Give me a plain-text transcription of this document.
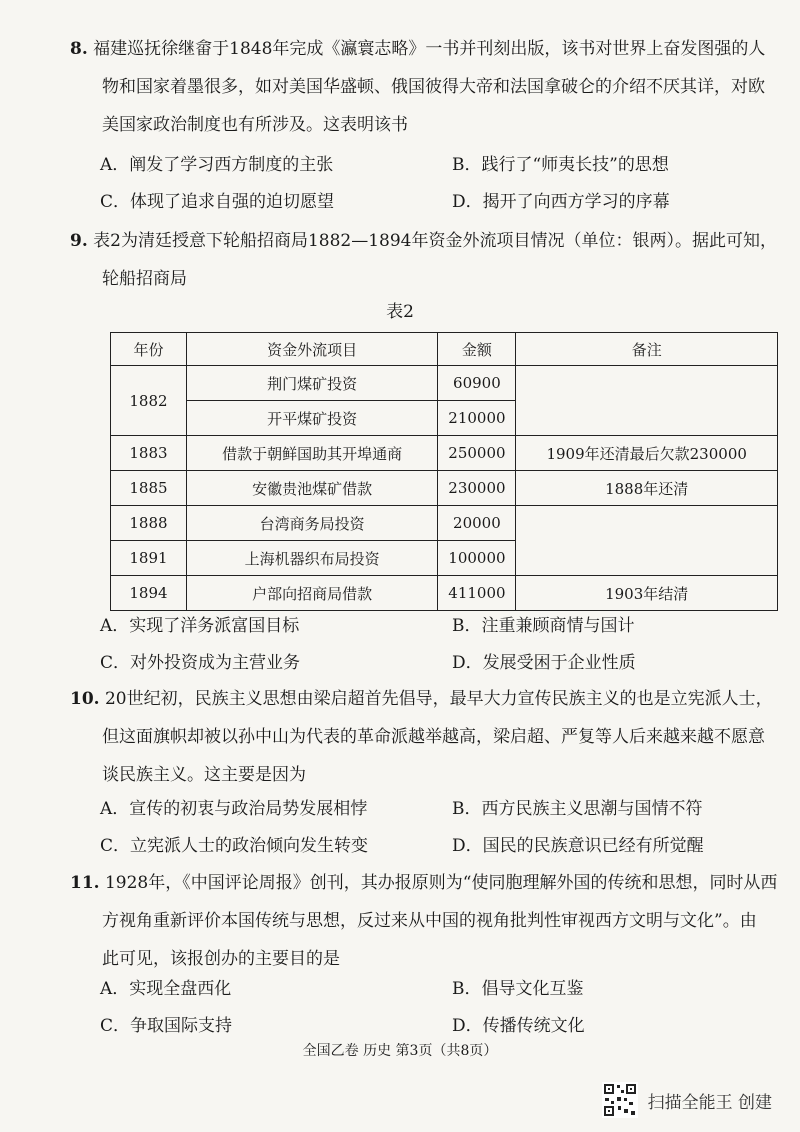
8. 福建巡抚徐继畲于1848年完成《瀛寰志略》一书并刊刻出版，该书对世界上奋发图强的人
物和国家着墨很多，如对美国华盛顿、俄国彼得大帝和法国拿破仑的介绍不厌其详，对欧
美国家政治制度也有所涉及。这表明该书
A．阐发了学习西方制度的主张	B．践行了“师夷长技”的思想
C．体现了追求自强的迫切愿望	D．揭开了向西方学习的序幕
9. 表2为清廷授意下轮船招商局1882—1894年资金外流项目情况（单位：银两）。据此可知，
轮船招商局
表2
年份	资金外流项目	金额	备注
1882	荆门煤矿投资	60900	
	开平煤矿投资	210000	
1883	借款于朝鲜国助其开埠通商	250000	1909年还清最后欠款230000
1885	安徽贵池煤矿借款	230000	1888年还清
1888	台湾商务局投资	20000	
1891	上海机器织布局投资	100000	
1894	户部向招商局借款	411000	1903年结清
A．实现了洋务派富国目标	B．注重兼顾商情与国计
C．对外投资成为主营业务	D．发展受困于企业性质
10. 20世纪初，民族主义思想由梁启超首先倡导，最早大力宣传民族主义的也是立宪派人士，
但这面旗帜却被以孙中山为代表的革命派越举越高，梁启超、严复等人后来越来越不愿意
谈民族主义。这主要是因为
A．宣传的初衷与政治局势发展相悖	B．西方民族主义思潮与国情不符
C．立宪派人士的政治倾向发生转变	D．国民的民族意识已经有所觉醒
11. 1928年，《中国评论周报》创刊，其办报原则为“使同胞理解外国的传统和思想，同时从西
方视角重新评价本国传统与思想，反过来从中国的视角批判性审视西方文明与文化”。由
此可见，该报创办的主要目的是
A．实现全盘西化	B．倡导文化互鉴
C．争取国际支持	D．传播传统文化
全国乙卷 历史 第3页（共8页）
扫描全能王 创建
